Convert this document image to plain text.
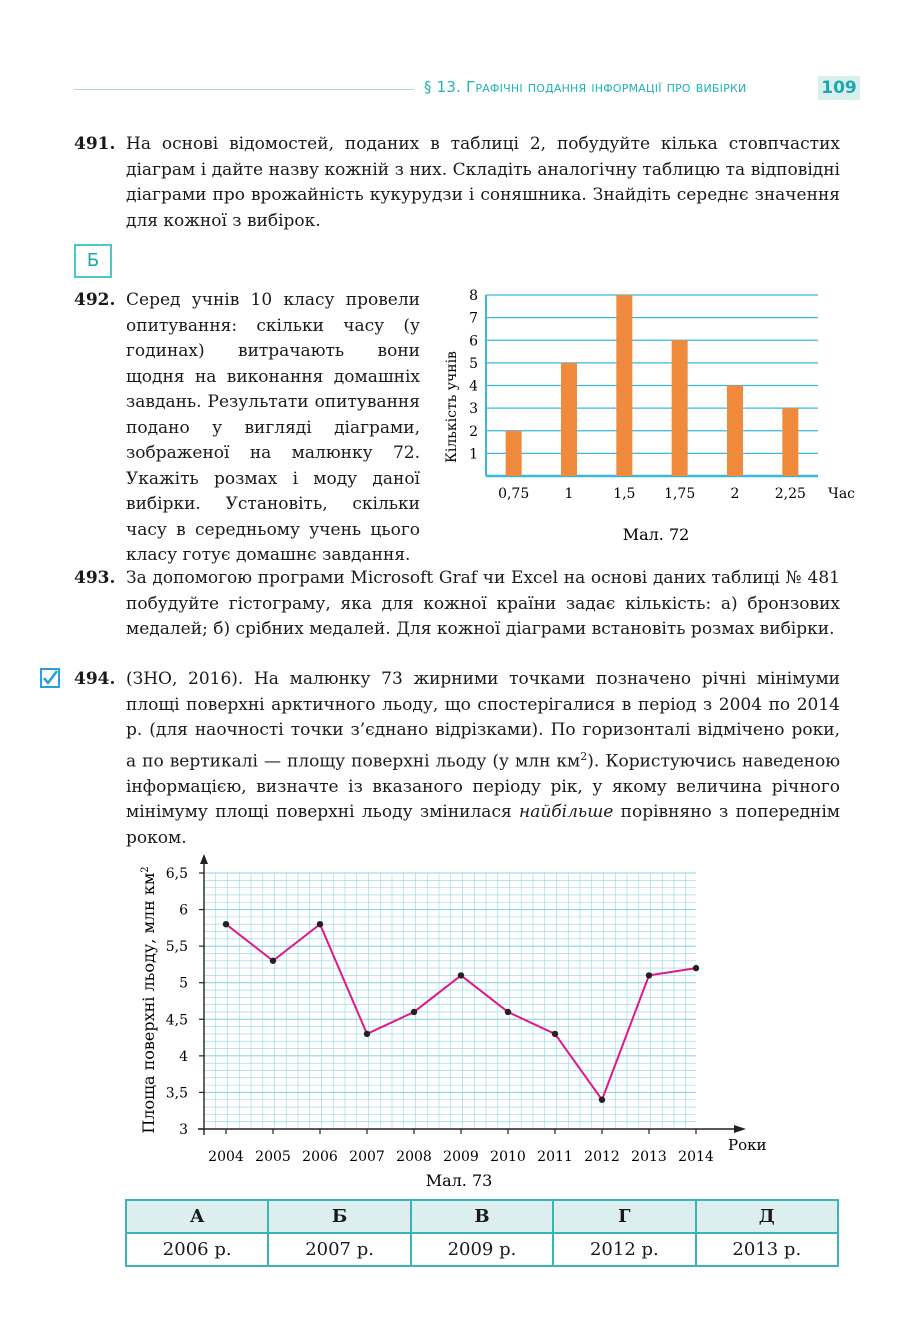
§ 13. Графічні подання інформації про вибірки	109
491. На основі відомостей, поданих в таблиці 2, побудуйте кілька стовпчастих діаграм і дайте назву кожній з них. Складіть аналогічну таблицю та відповідні діаграми про врожайність кукурудзи і соняшника. Знайдіть середнє значення для кожної з вибірок.
Б
492. Серед учнів 10 класу провели опитування: скільки часу (у годинах) витрачають вони щодня на виконання домашніх завдань. Результати опитування подано у вигляді діаграми, зображеної на малюнку 72. Укажіть розмах і моду даної вибірки. Установіть, скільки часу в середньому учень цього класу готує домашнє завдання.
1
2
3
4
5
6
7
8
0,75	1	1,5 1,75	2	2,25
Кількість учнів
Час
Мал. 72
493. За допомогою програми Microsoft Graf чи Excel на основі даних таблиці № 481 побудуйте гістограму, яка для кожної країни задає кількість: а) бронзових медалей; б) срібних медалей. Для кожної діаграми встановіть розмах вибірки.
494. (ЗНО, 2016). На малюнку 73 жирними точками позначено річні мінімуми площі поверхні арктичного льоду, що спостерігалися в період з 2004 по 2014 р. (для наочності точки з’єднано відрізками). По горизонталі відмічено роки, а по вертикалі — площу поверхні льоду (у млн $км^2$). Користуючись наведеною інформацією, визначте із вказаного періоду рік, у якому величина річного мінімуму площі поверхні льоду змінилася найбільше порівняно з попереднім роком.
3
3,5
4
4,5
5
5,5
6
6,5
2004 2005 2006 2007 2008 2009 2010 2011 2012 2013 2014
Площа поверхні льоду, млн $км^2$
Роки
Мал. 73
А	Б	В	Г	Д
2006 р.	2007 р.	2009 р.	2012 р.	2013 р.
